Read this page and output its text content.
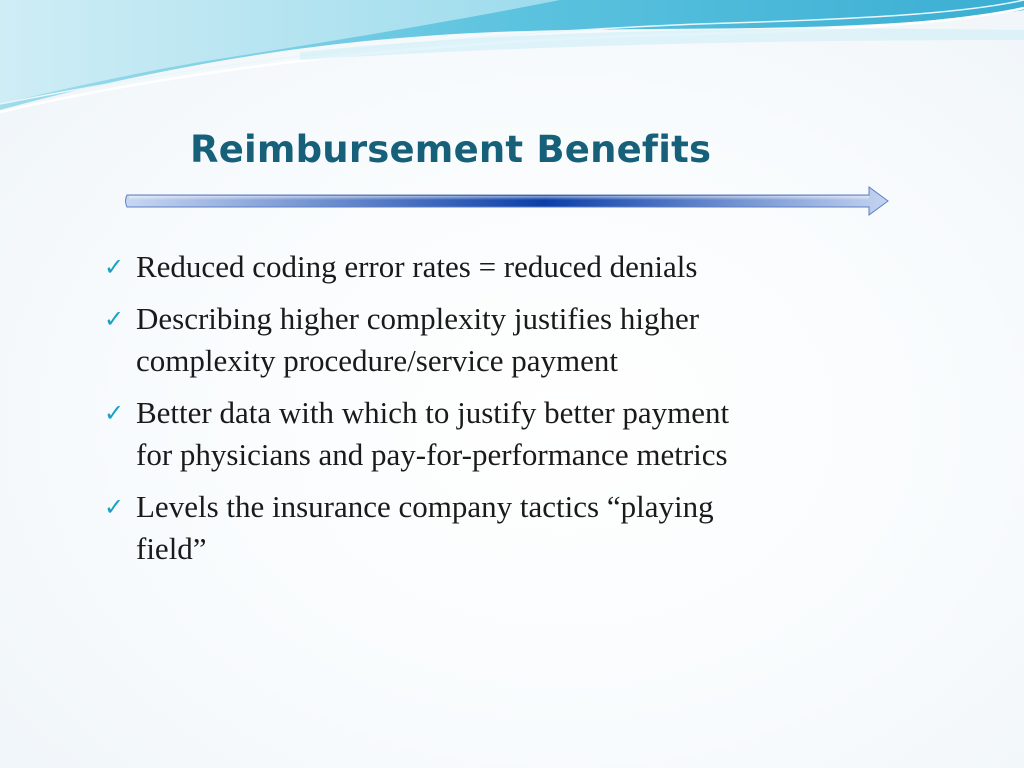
Reimbursement Benefits
✓ Reduced coding error rates = reduced denials
✓ Describing higher complexity justifies higher
complexity procedure/service payment
✓ Better data with which to justify better payment
for physicians and pay-for-performance metrics
✓ Levels the insurance company tactics “playing
field”
